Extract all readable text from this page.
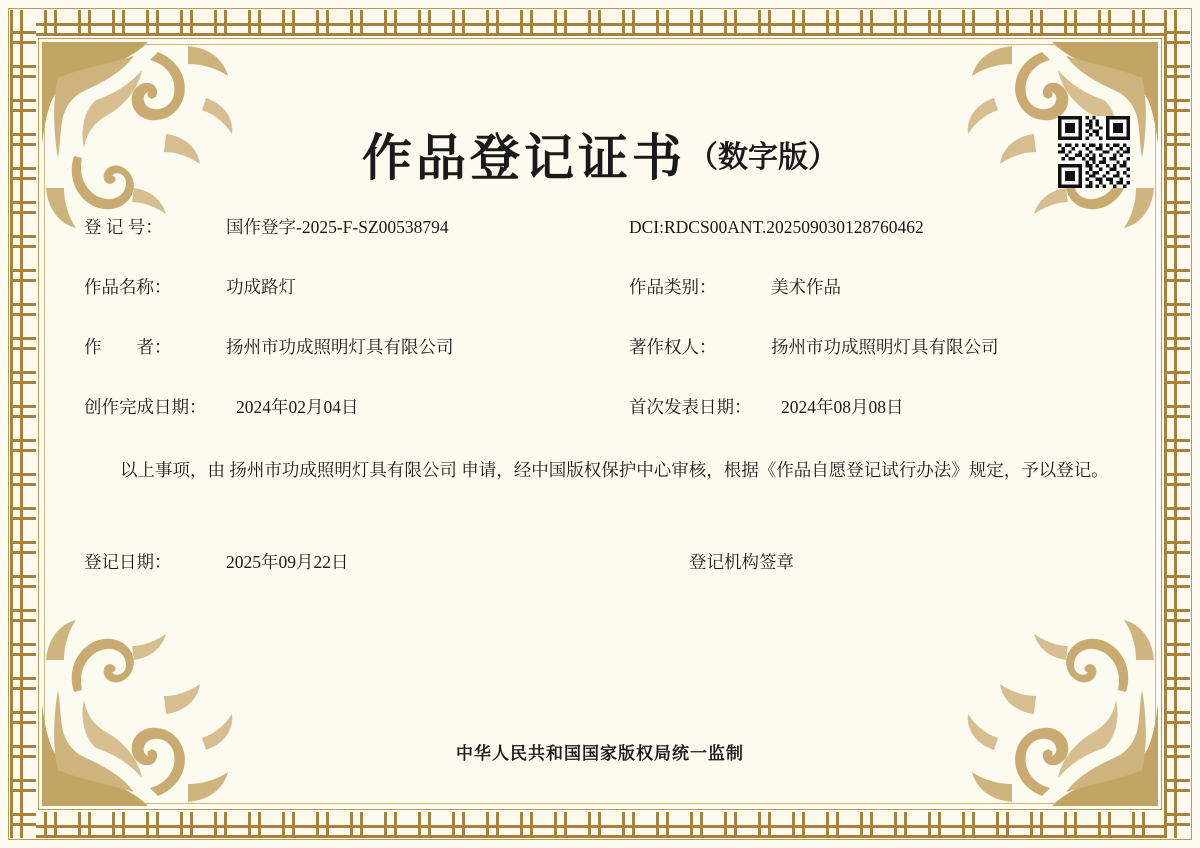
作品登记证书（数字版）
登 记 号：	国作登字-2025-F-SZ00538794	DCI:RDCS00ANT.202509030128760462
作品名称：	功成路灯	作品类别：	美术作品
作　　者：	扬州市功成照明灯具有限公司	著作权人：	扬州市功成照明灯具有限公司
创作完成日期：	2024年02月04日	首次发表日期：	2024年08月08日
以上事项，由 扬州市功成照明灯具有限公司 申请，经中国版权保护中心审核，根据《作品自愿登记试行办法》规定，予以登记。
登记日期：	2025年09月22日	登记机构签章
中华人民共和国国家版权局统一监制
